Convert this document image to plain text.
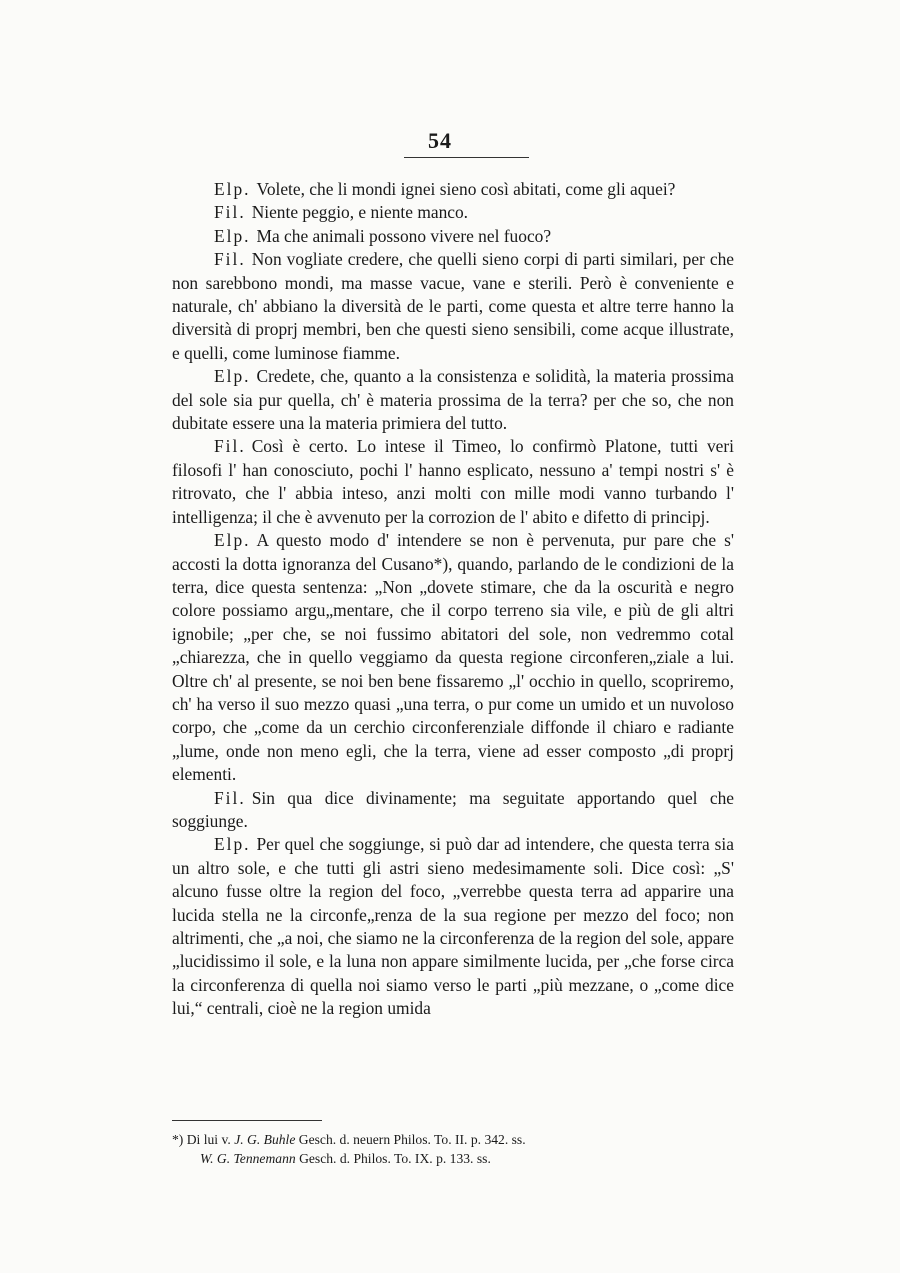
54

Elp. Volete, che li mondi ignei sieno così abitati, come gli aquei?

Fil. Niente peggio, e niente manco.

Elp. Ma che animali possono vivere nel fuoco?

Fil. Non vogliate credere, che quelli sieno corpi di parti similari, per che non sarebbono mondi, ma masse vacue, vane e sterili. Però è conveniente e naturale, ch' abbiano la diversità de le parti, come questa et altre terre hanno la diversità di proprj membri, ben che questi sieno sensibili, come acque illustrate, e quelli, come luminose fiamme.

Elp. Credete, che, quanto a la consistenza e solidità, la materia prossima del sole sia pur quella, ch' è materia prossima de la terra? per che so, che non dubitate essere una la materia primiera del tutto.

Fil. Così è certo. Lo intese il Timeo, lo confirmò Platone, tutti veri filosofi l' han conosciuto, pochi l' hanno esplicato, nessuno a' tempi nostri s' è ritrovato, che l' abbia inteso, anzi molti con mille modi vanno turbando l' intelligenza; il che è avvenuto per la corrozion de l' abito e difetto di principj.

Elp. A questo modo d' intendere se non è pervenuta, pur pare che s' accosti la dotta ignoranza del Cusano*), quando, parlando de le condizioni de la terra, dice questa sentenza: „Non „dovete stimare, che da la oscurità e negro colore possiamo argu„mentare, che il corpo terreno sia vile, e più de gli altri ignobile; „per che, se noi fussimo abitatori del sole, non vedremmo cotal „chiarezza, che in quello veggiamo da questa regione circonferen„ziale a lui. Oltre ch' al presente, se noi ben bene fissaremo „l' occhio in quello, scopriremo, ch' ha verso il suo mezzo quasi „una terra, o pur come un umido et un nuvoloso corpo, che „come da un cerchio circonferenziale diffonde il chiaro e radiante „lume, onde non meno egli, che la terra, viene ad esser composto „di proprj elementi.

Fil. Sin qua dice divinamente; ma seguitate apportando quel che soggiunge.

Elp. Per quel che soggiunge, si può dar ad intendere, che questa terra sia un altro sole, e che tutti gli astri sieno medesimamente soli. Dice così: „S' alcuno fusse oltre la region del foco, „verrebbe questa terra ad apparire una lucida stella ne la circonfe„renza de la sua regione per mezzo del foco; non altrimenti, che „a noi, che siamo ne la circonferenza de la region del sole, appare „lucidissimo il sole, e la luna non appare similmente lucida, per „che forse circa la circonferenza di quella noi siamo verso le parti „più mezzane, o „come dice lui,“ centrali, cioè ne la region umida

*) Di lui v. J. G. Buhle Gesch. d. neuern Philos. To. II. p. 342. ss.
W. G. Tennemann Gesch. d. Philos. To. IX. p. 133. ss.
